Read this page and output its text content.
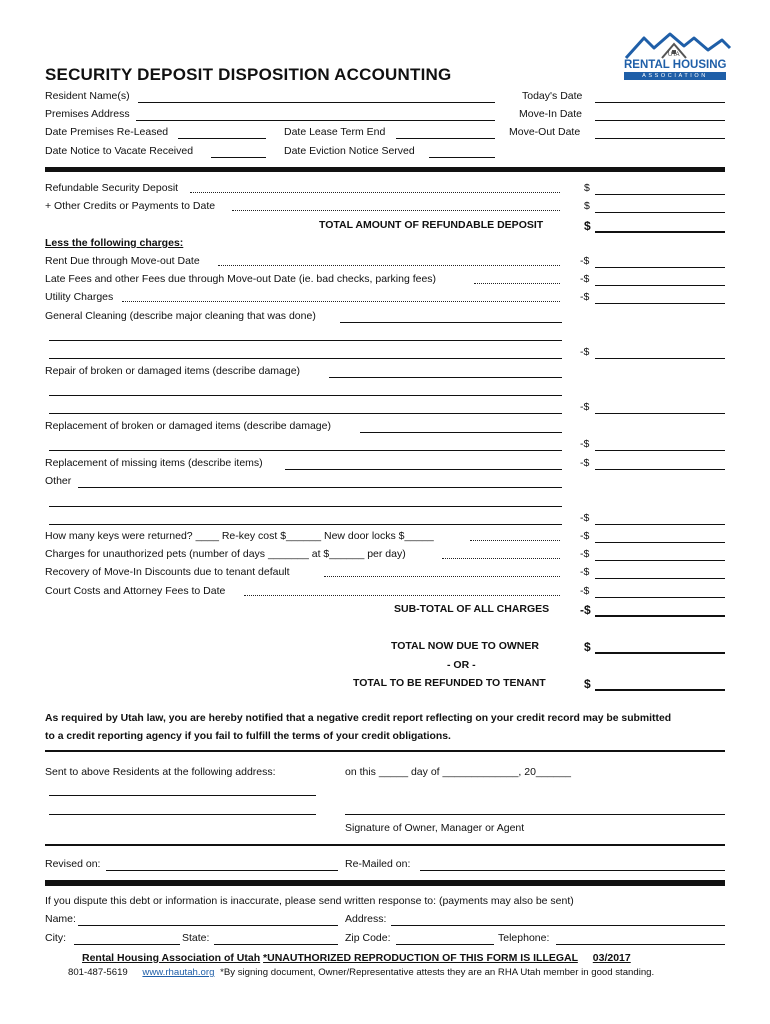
UTA
RENTAL HOUSING
ASSOCIATION
SECURITY DEPOSIT DISPOSITION ACCOUNTING
Resident Name(s)	Today's Date
Premises Address	Move-In Date
Date Premises Re-Leased	Date Lease Term End	Move-Out Date
Date Notice to Vacate Received	Date Eviction Notice Served
Refundable Security Deposit	$
+ Other Credits or Payments to Date	$
TOTAL AMOUNT OF REFUNDABLE DEPOSIT	$
Less the following charges:
Rent Due through Move-out Date	-$
Late Fees and other Fees due through Move-out Date (ie. bad checks, parking fees)	-$
Utility Charges	-$
General Cleaning (describe major cleaning that was done)
-$
Repair of broken or damaged items (describe damage)
-$
Replacement of broken or damaged items (describe damage)
-$
Replacement of missing items (describe items)	-$
Other
-$
How many keys were returned? ____ Re-key cost $______ New door locks $_____	-$
Charges for unauthorized pets (number of days _______ at $______ per day)	-$
Recovery of Move-In Discounts due to tenant default	-$
Court Costs and Attorney Fees to Date	-$
SUB-TOTAL OF ALL CHARGES	-$
TOTAL NOW DUE TO OWNER	$
- OR -
TOTAL TO BE REFUNDED TO TENANT	$
As required by Utah law, you are hereby notified that a negative credit report reflecting on your credit record may be submitted
to a credit reporting agency if you fail to fulfill the terms of your credit obligations.
Sent to above Residents at the following address:	on this _____ day of _____________, 20______
Signature of Owner, Manager or Agent
Revised on:	Re-Mailed on:
If you dispute this debt or information is inaccurate, please send written response to: (payments may also be sent)
Name:	Address:
City:	State:	Zip Code:	Telephone:
Rental Housing Association of Utah *UNAUTHORIZED REPRODUCTION OF THIS FORM IS ILLEGAL 03/2017
801-487-5619 www.rhautah.org *By signing document, Owner/Representative attests they are an RHA Utah member in good standing.
